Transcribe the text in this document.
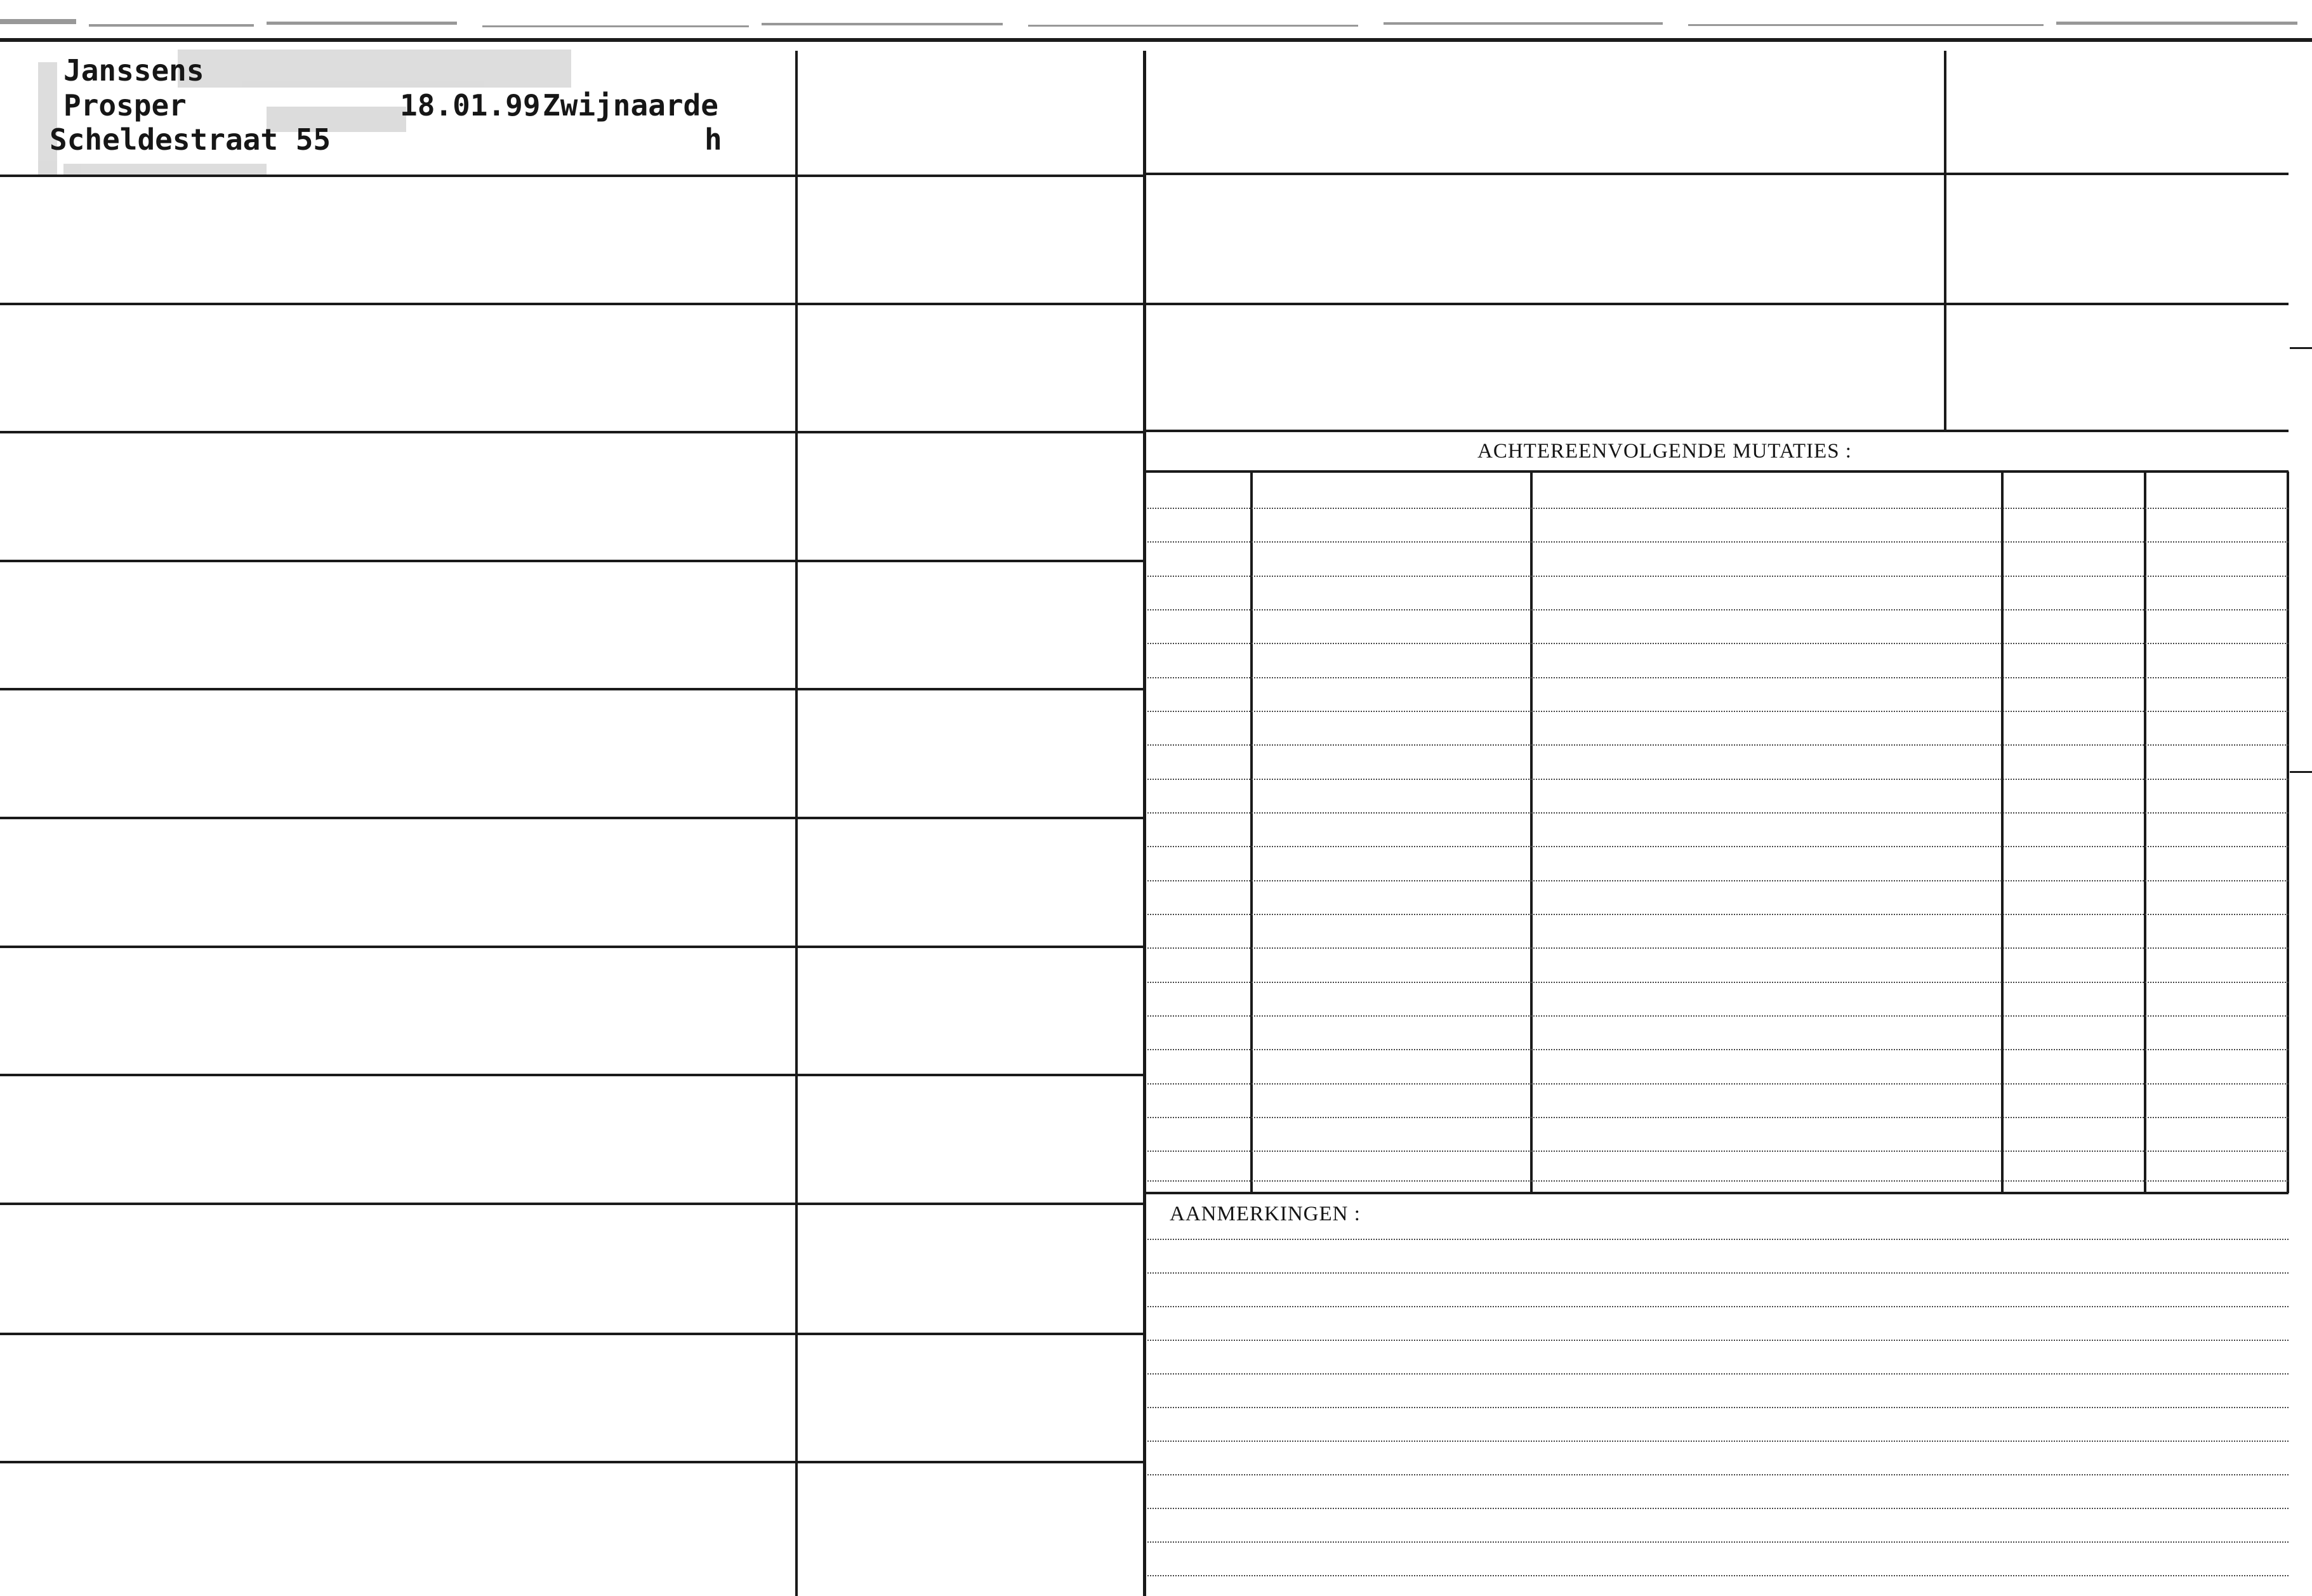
Janssens
Prosper	18.01.99 Zwijnaarde
Scheldestraat 55	h
ACHTEREENVOLGENDE MUTATIES :
AANMERKINGEN :
